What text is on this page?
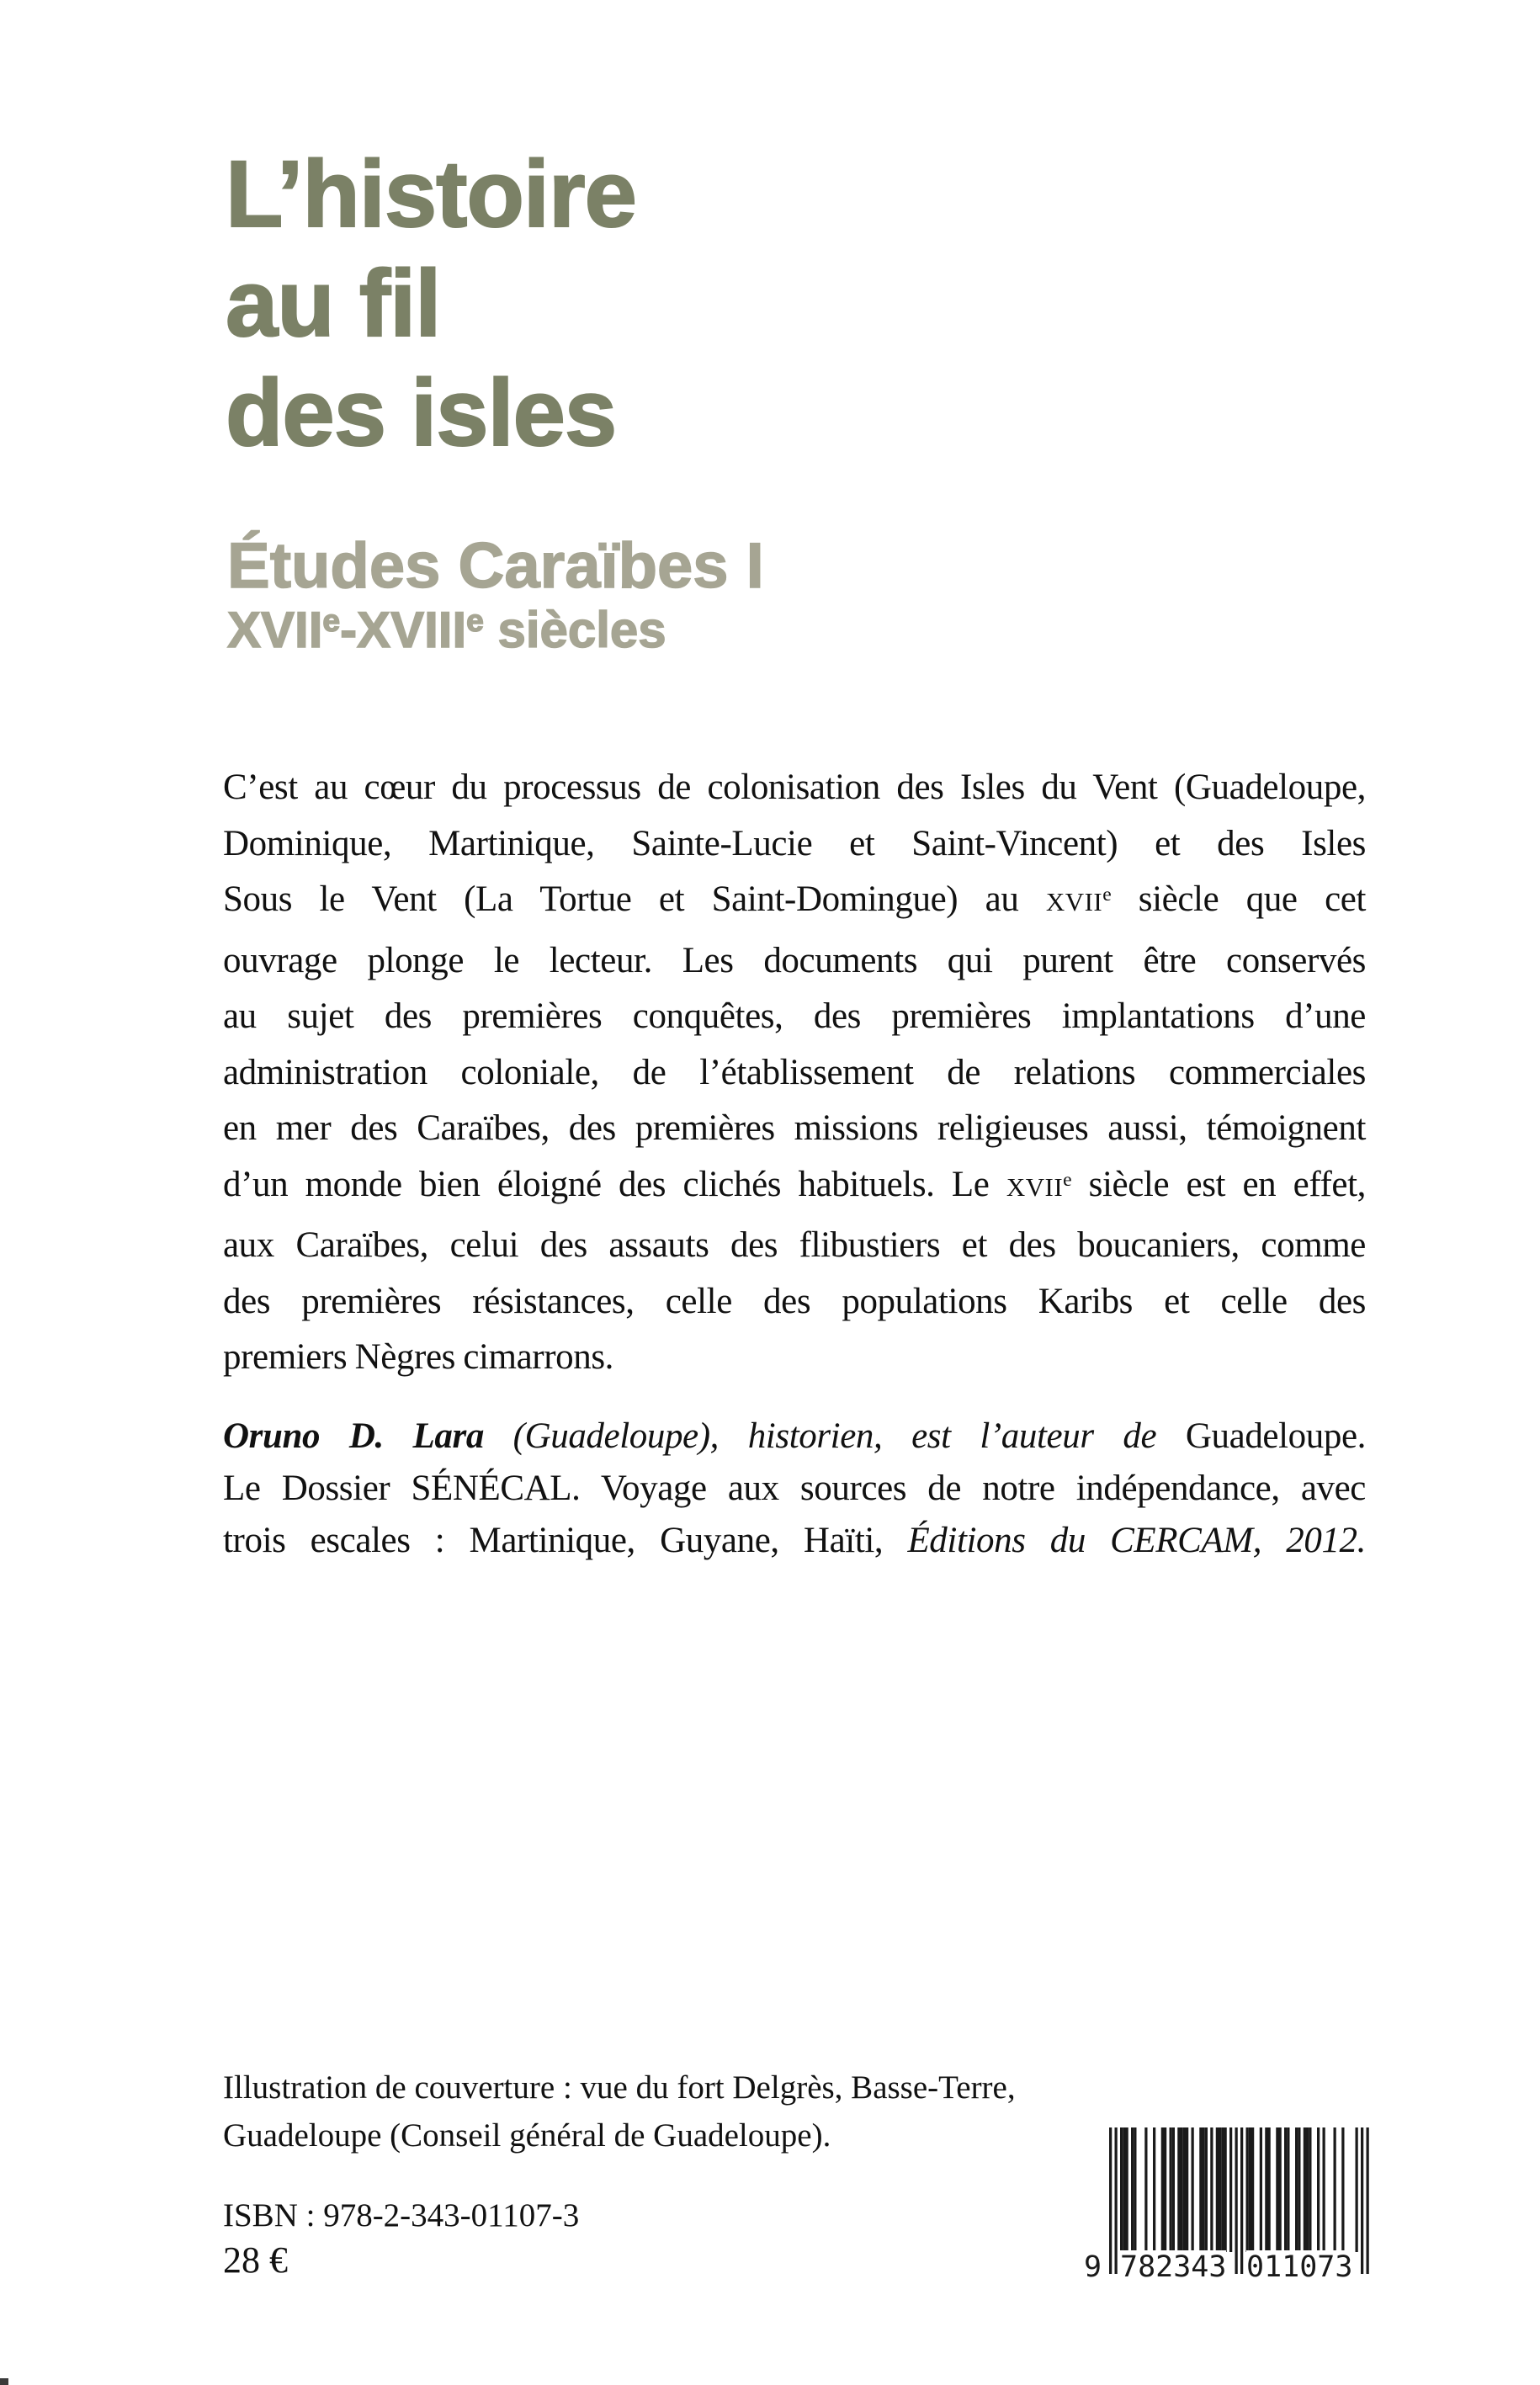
L’histoire
au fil
des isles
Études Caraïbes I
XVIIe-XVIIIe siècles
C’est au cœur du processus de colonisation des Isles du Vent (Guadeloupe,
Dominique, Martinique, Sainte-Lucie et Saint-Vincent) et des Isles
Sous le Vent (La Tortue et Saint-Domingue) au XVIIe siècle que cet
ouvrage plonge le lecteur. Les documents qui purent être conservés
au sujet des premières conquêtes, des premières implantations d’une
administration coloniale, de l’établissement de relations commerciales
en mer des Caraïbes, des premières missions religieuses aussi, témoignent
d’un monde bien éloigné des clichés habituels. Le XVIIe siècle est en effet,
aux Caraïbes, celui des assauts des flibustiers et des boucaniers, comme
des premières résistances, celle des populations Karibs et celle des
premiers Nègres cimarrons.
Oruno D. Lara (Guadeloupe), historien, est l’auteur de Guadeloupe.
Le Dossier SÉNÉCAL. Voyage aux sources de notre indépendance, avec
trois escales : Martinique, Guyane, Haïti, Éditions du CERCAM, 2012.
Illustration de couverture : vue du fort Delgrès, Basse-Terre,
Guadeloupe (Conseil général de Guadeloupe).
ISBN : 978-2-343-01107-3
28 €	9 782343 011073
